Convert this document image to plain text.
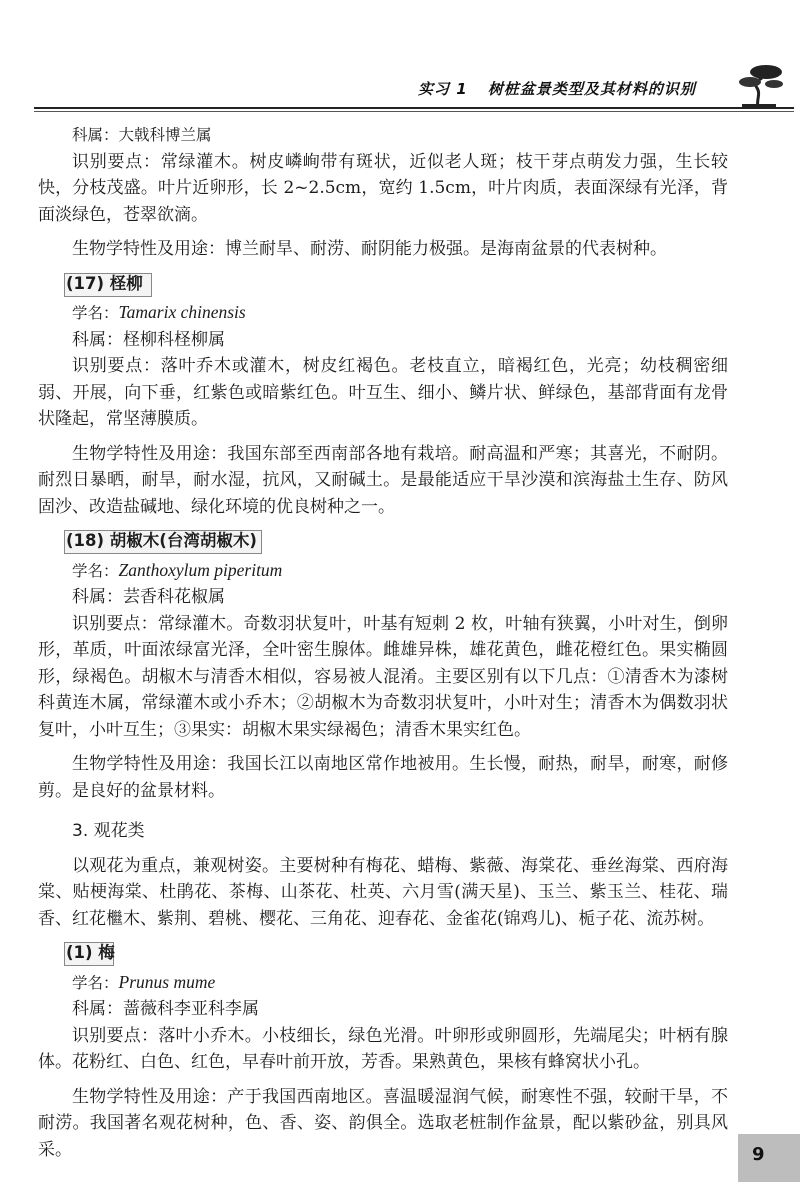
实习 1 树桩盆景类型及其材料的识别

科属：大戟科博兰属

识别要点：常绿灌木。树皮嶙峋带有斑状，近似老人斑；枝干芽点萌发力强，生长较快，分枝茂盛。叶片近卵形，长 2~2.5cm，宽约 1.5cm，叶片肉质，表面深绿有光泽，背面淡绿色，苍翠欲滴。

生物学特性及用途：博兰耐旱、耐涝、耐阴能力极强。是海南盆景的代表树种。

(17) 柽柳

学名：Tamarix chinensis

科属：柽柳科柽柳属

识别要点：落叶乔木或灌木，树皮红褐色。老枝直立，暗褐红色，光亮；幼枝稠密细弱、开展，向下垂，红紫色或暗紫红色。叶互生、细小、鳞片状、鲜绿色，基部背面有龙骨状隆起，常坚薄膜质。

生物学特性及用途：我国东部至西南部各地有栽培。耐高温和严寒；其喜光，不耐阴。耐烈日暴晒，耐旱，耐水湿，抗风，又耐碱土。是最能适应干旱沙漠和滨海盐土生存、防风固沙、改造盐碱地、绿化环境的优良树种之一。

(18) 胡椒木(台湾胡椒木)

学名：Zanthoxylum piperitum

科属：芸香科花椒属

识别要点：常绿灌木。奇数羽状复叶，叶基有短刺 2 枚，叶轴有狭翼，小叶对生，倒卵形，革质，叶面浓绿富光泽，全叶密生腺体。雌雄异株，雄花黄色，雌花橙红色。果实椭圆形，绿褐色。胡椒木与清香木相似，容易被人混淆。主要区别有以下几点：①清香木为漆树科黄连木属，常绿灌木或小乔木；②胡椒木为奇数羽状复叶，小叶对生；清香木为偶数羽状复叶，小叶互生；③果实：胡椒木果实绿褐色；清香木果实红色。

生物学特性及用途：我国长江以南地区常作地被用。生长慢，耐热，耐旱，耐寒，耐修剪。是良好的盆景材料。

3. 观花类

以观花为重点，兼观树姿。主要树种有梅花、蜡梅、紫薇、海棠花、垂丝海棠、西府海棠、贴梗海棠、杜鹃花、茶梅、山茶花、杜英、六月雪(满天星)、玉兰、紫玉兰、桂花、瑞香、红花檵木、紫荆、碧桃、樱花、三角花、迎春花、金雀花(锦鸡儿)、栀子花、流苏树。

(1) 梅

学名：Prunus mume

科属：蔷薇科李亚科李属

识别要点：落叶小乔木。小枝细长，绿色光滑。叶卵形或卵圆形，先端尾尖；叶柄有腺体。花粉红、白色、红色，早春叶前开放，芳香。果熟黄色，果核有蜂窝状小孔。

生物学特性及用途：产于我国西南地区。喜温暖湿润气候，耐寒性不强，较耐干旱，不耐涝。我国著名观花树种，色、香、姿、韵俱全。选取老桩制作盆景，配以紫砂盆，别具风采。	9
